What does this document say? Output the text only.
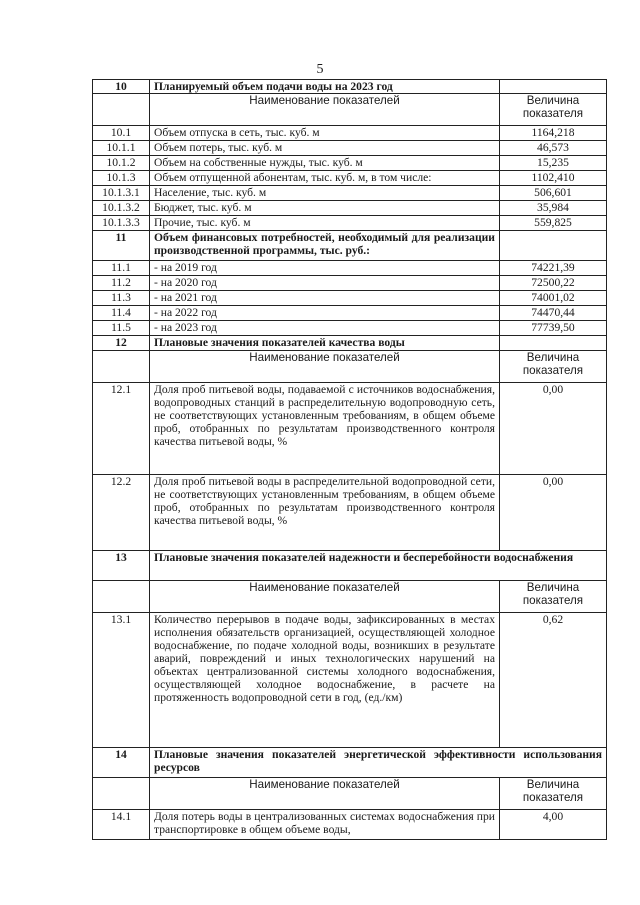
5
10	Планируемый объем подачи воды на 2023 год	
	Наименование показателей	Величина
показателя
10.1	Объем отпуска в сеть, тыс. куб. м	1164,218
10.1.1	Объем потерь, тыс. куб. м	46,573
10.1.2	Объем на собственные нужды, тыс. куб. м	15,235
10.1.3	Объем отпущенной абонентам, тыс. куб. м, в том числе:	1102,410
10.1.3.1	Население, тыс. куб. м	506,601
10.1.3.2	Бюджет, тыс. куб. м	35,984
10.1.3.3	Прочие, тыс. куб. м	559,825
11	Объем финансовых потребностей, необходимый для реализации производственной программы, тыс. руб.:	
11.1	- на 2019 год	74221,39
11.2	- на 2020 год	72500,22
11.3	- на 2021 год	74001,02
11.4	- на 2022 год	74470,44
11.5	- на 2023 год	77739,50
12	Плановые значения показателей качества воды	
	Наименование показателей	Величина
показателя
12.1	Доля проб питьевой воды, подаваемой с источников водоснабжения, водопроводных станций в распределительную водопроводную сеть, не соответствующих установленным требованиям, в общем объеме проб, отобранных по результатам производственного контроля качества питьевой воды, %	0,00
12.2	Доля проб питьевой воды в распределительной водопроводной сети, не соответствующих установленным требованиям, в общем объеме проб, отобранных по результатам производственного контроля качества питьевой воды, %	0,00
13	Плановые значения показателей надежности и бесперебойности водоснабжения	
	Наименование показателей	Величина
показателя
13.1	Количество перерывов в подаче воды, зафиксированных в местах исполнения обязательств организацией, осуществляющей холодное водоснабжение, по подаче холодной воды, возникших в результате аварий, повреждений и иных технологических нарушений на объектах централизованной системы холодного водоснабжения, осуществляющей холодное водоснабжение, в расчете на протяженность водопроводной сети в год, (ед./км)	0,62
14	Плановые значения показателей энергетической эффективности использования ресурсов	
	Наименование показателей	Величина
показателя
14.1	Доля потерь воды в централизованных системах водоснабжения при транспортировке в общем объеме воды,	4,00
